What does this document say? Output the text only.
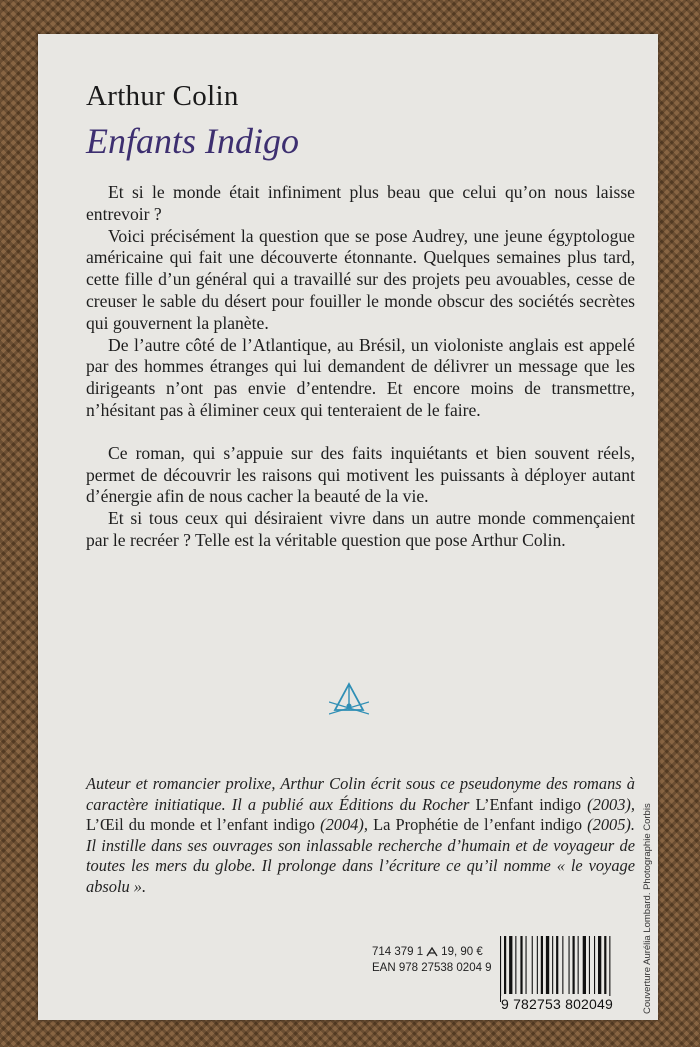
Arthur Colin
Enfants Indigo

Et si le monde était infiniment plus beau que celui qu’on nous laisse entrevoir ?

Voici précisément la question que se pose Audrey, une jeune égyptologue américaine qui fait une découverte étonnante. Quelques semaines plus tard, cette fille d’un général qui a travaillé sur des projets peu avouables, cesse de creuser le sable du désert pour fouiller le monde obscur des sociétés secrètes qui gouvernent la planète.

De l’autre côté de l’Atlantique, au Brésil, un violoniste anglais est appelé par des hommes étranges qui lui demandent de délivrer un message que les dirigeants n’ont pas envie d’entendre. Et encore moins de transmettre, n’hésitant pas à éliminer ceux qui tenteraient de le faire.

Ce roman, qui s’appuie sur des faits inquiétants et bien souvent réels, permet de découvrir les raisons qui motivent les puissants à déployer autant d’énergie afin de nous cacher la beauté de la vie.

Et si tous ceux qui désiraient vivre dans un autre monde commençaient par le recréer ? Telle est la véritable question que pose Arthur Colin.

Auteur et romancier prolixe, Arthur Colin écrit sous ce pseudonyme des romans à caractère initiatique. Il a publié aux Éditions du Rocher L’Enfant indigo (2003), L’Œil du monde et l’enfant indigo (2004), La Prophétie de l’enfant indigo (2005). Il instille dans ses ouvrages son inlassable recherche d’humain et de voyageur de toutes les mers du globe. Il prolonge dans l’écriture ce qu’il nomme « le voyage absolu ».

714 379 1 19, 90 €
EAN 978 27538 0204 9
9 782753 802049	Couverture Aurélia Lombard. Photographie Corbis
